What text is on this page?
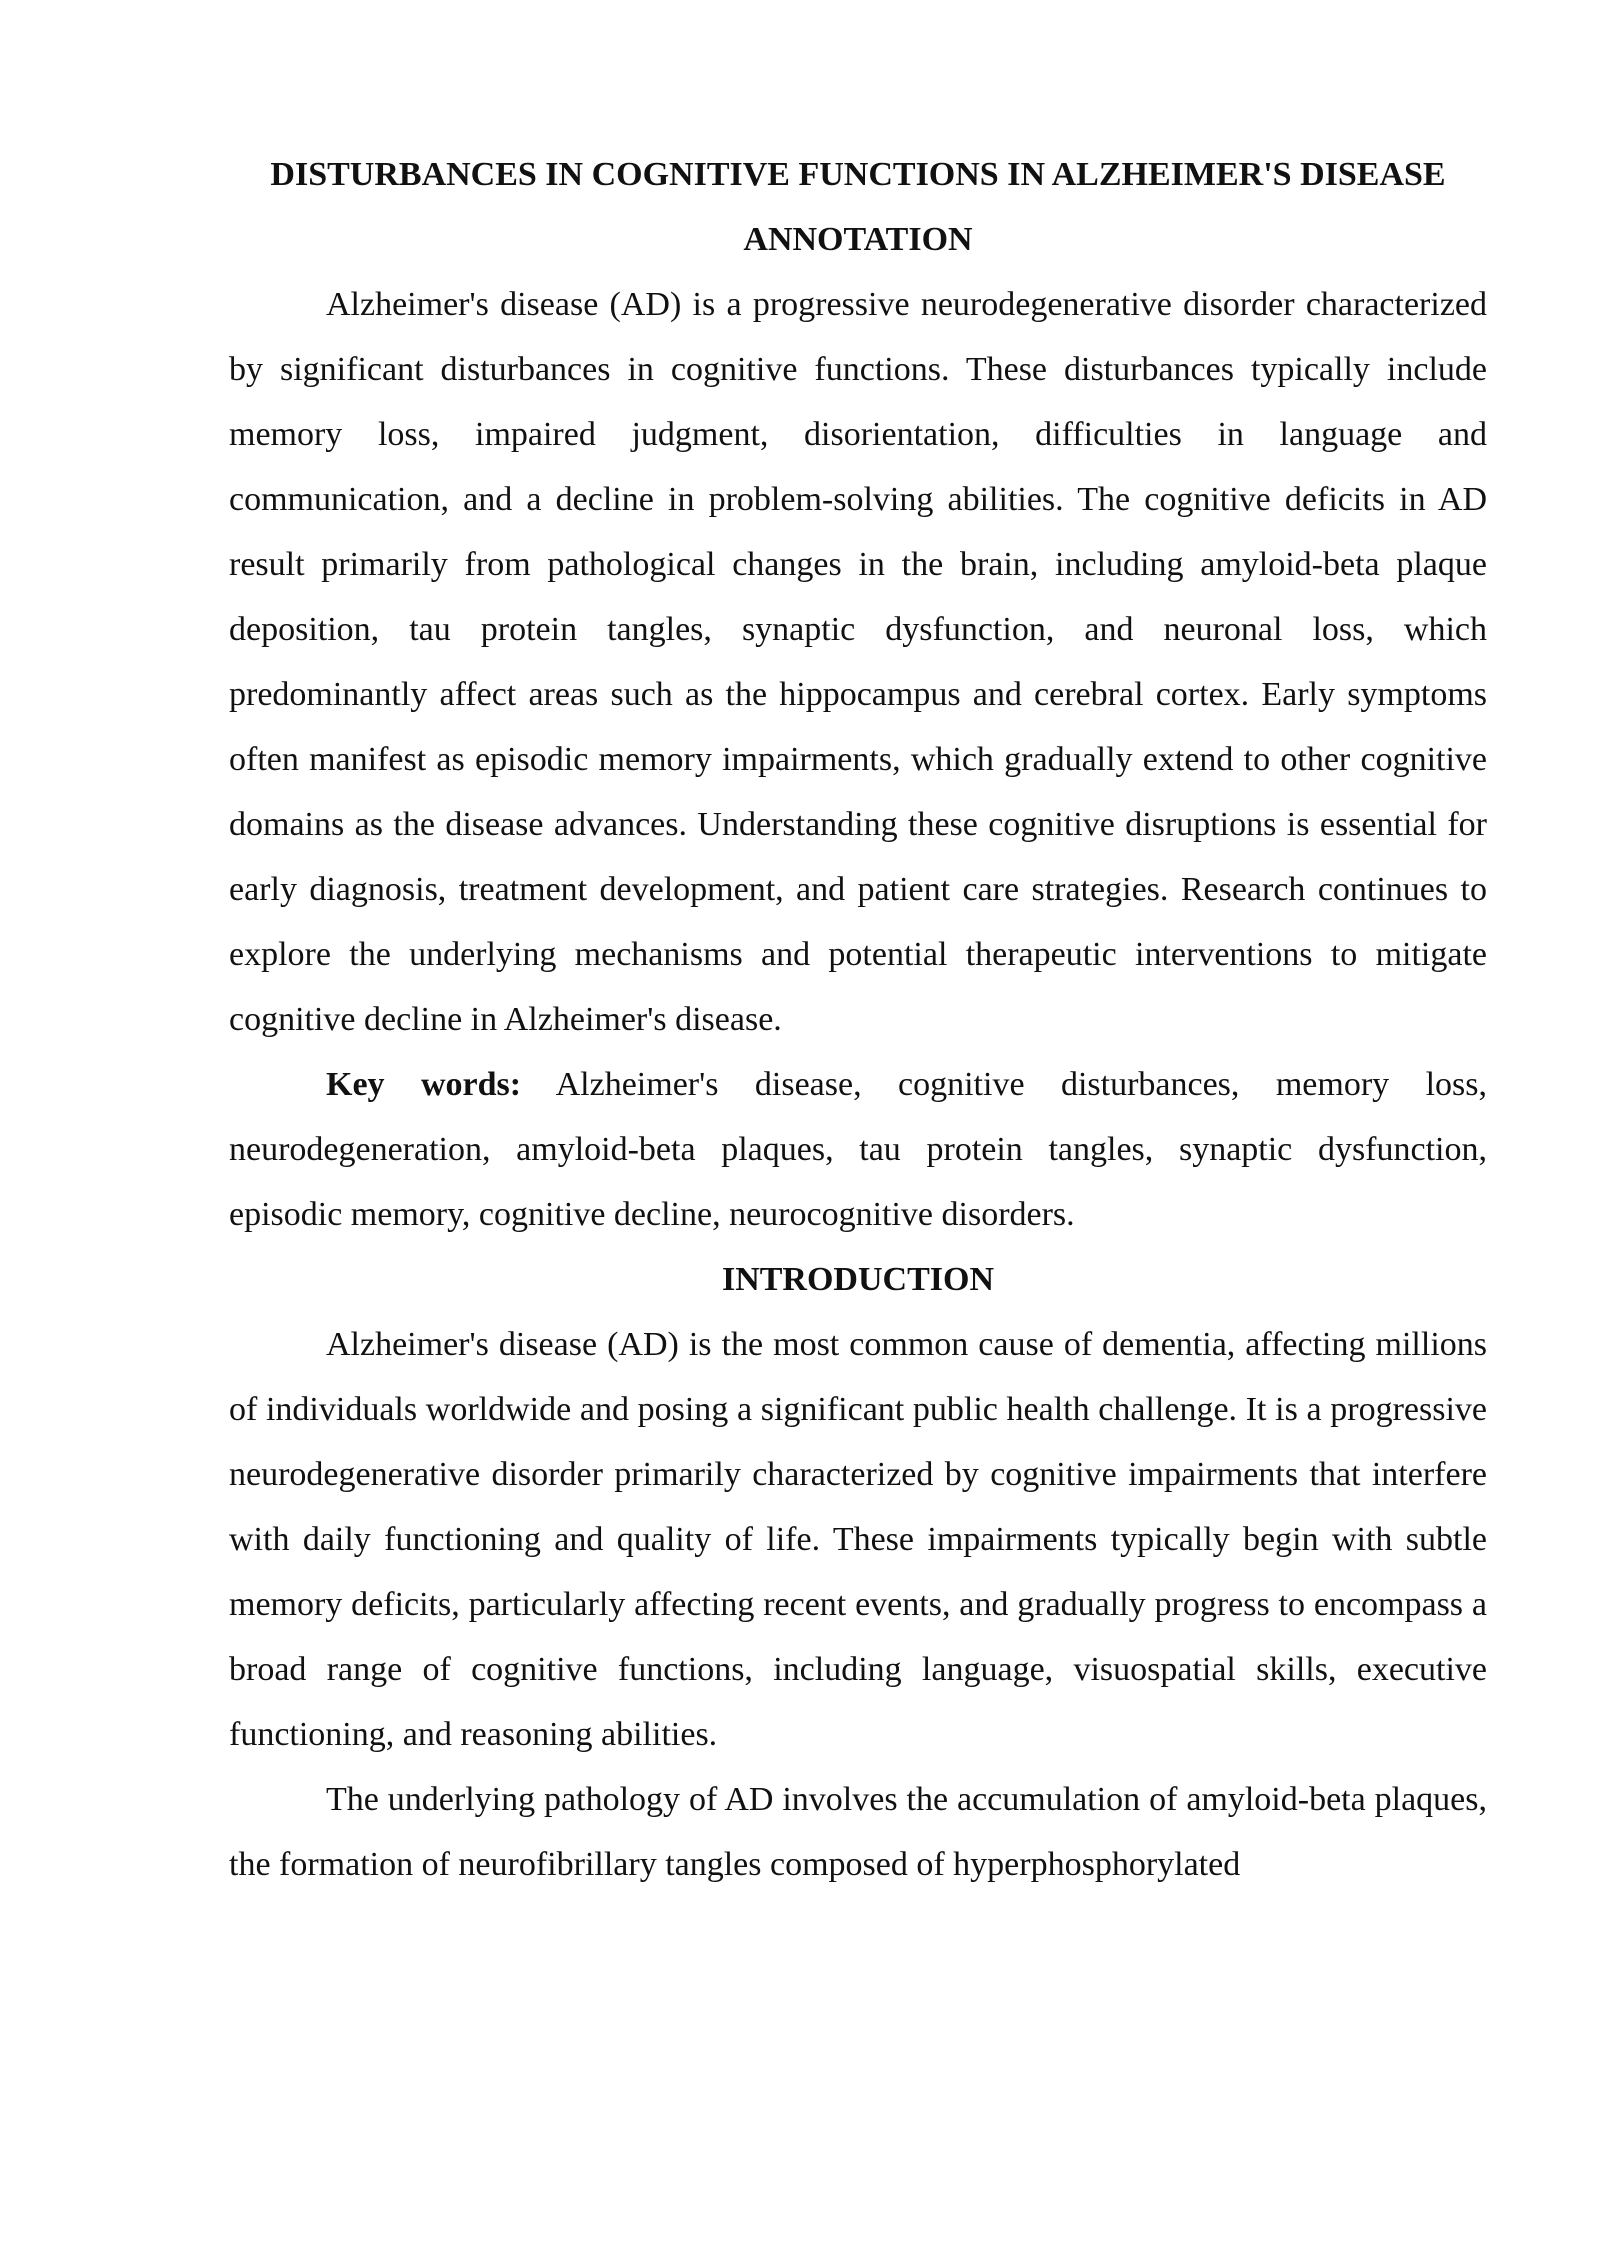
DISTURBANCES IN COGNITIVE FUNCTIONS IN ALZHEIMER'S DISEASE
ANNOTATION

Alzheimer's disease (AD) is a progressive neurodegenerative disorder characterized by significant disturbances in cognitive functions. These disturbances typically include memory loss, impaired judgment, disorientation, difficulties in language and communication, and a decline in problem-solving abilities. The cognitive deficits in AD result primarily from pathological changes in the brain, including amyloid-beta plaque deposition, tau protein tangles, synaptic dysfunction, and neuronal loss, which predominantly affect areas such as the hippocampus and cerebral cortex. Early symptoms often manifest as episodic memory impairments, which gradually extend to other cognitive domains as the disease advances. Understanding these cognitive disruptions is essential for early diagnosis, treatment development, and patient care strategies. Research continues to explore the underlying mechanisms and potential therapeutic interventions to mitigate cognitive decline in Alzheimer's disease.

Key words: Alzheimer's disease, cognitive disturbances, memory loss, neurodegeneration, amyloid-beta plaques, tau protein tangles, synaptic dysfunction, episodic memory, cognitive decline, neurocognitive disorders.

INTRODUCTION

Alzheimer's disease (AD) is the most common cause of dementia, affecting millions of individuals worldwide and posing a significant public health challenge. It is a progressive neurodegenerative disorder primarily characterized by cognitive impairments that interfere with daily functioning and quality of life. These impairments typically begin with subtle memory deficits, particularly affecting recent events, and gradually progress to encompass a broad range of cognitive functions, including language, visuospatial skills, executive functioning, and reasoning abilities.

The underlying pathology of AD involves the accumulation of amyloid-beta plaques, the formation of neurofibrillary tangles composed of hyperphosphorylated
